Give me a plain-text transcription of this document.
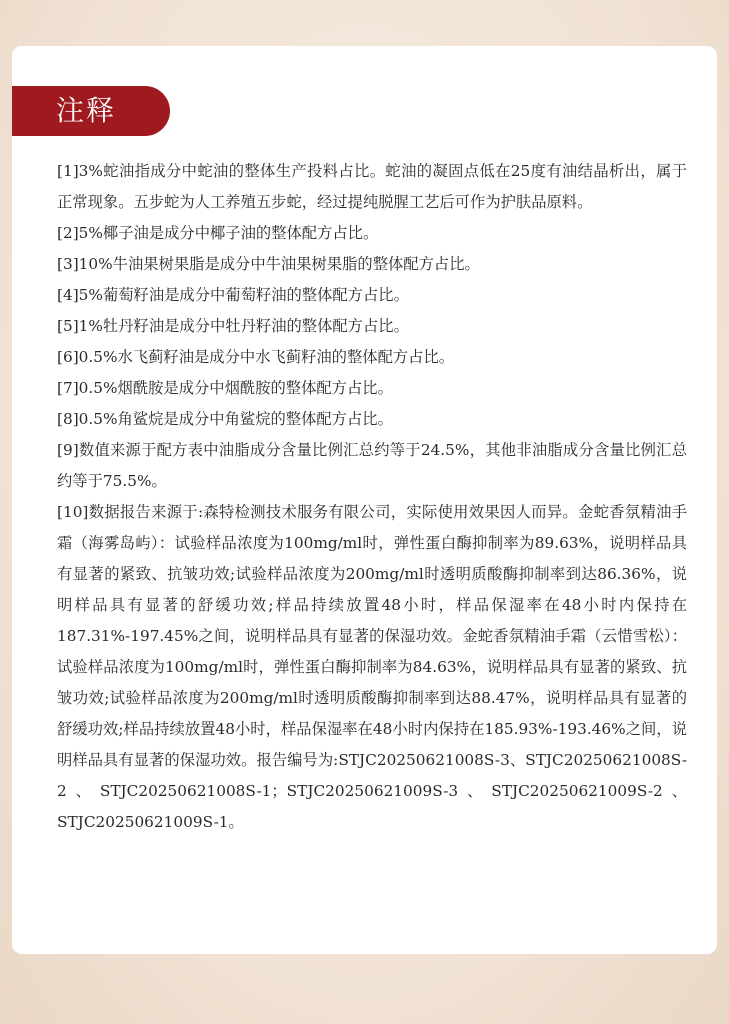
注释

[1]3%蛇油指成分中蛇油的整体生产投料占比。蛇油的凝固点低在25度有油结晶析出，属于正常现象。五步蛇为人工养殖五步蛇，经过提纯脱腥工艺后可作为护肤品原料。

[2]5%椰子油是成分中椰子油的整体配方占比。

[3]10%牛油果树果脂是成分中牛油果树果脂的整体配方占比。

[4]5%葡萄籽油是成分中葡萄籽油的整体配方占比。

[5]1%牡丹籽油是成分中牡丹籽油的整体配方占比。

[6]0.5%水飞蓟籽油是成分中水飞蓟籽油的整体配方占比。

[7]0.5%烟酰胺是成分中烟酰胺的整体配方占比。

[8]0.5%角鲨烷是成分中角鲨烷的整体配方占比。

[9]数值来源于配方表中油脂成分含量比例汇总约等于24.5%，其他非油脂成分含量比例汇总约等于75.5%。

[10]数据报告来源于:森特检测技术服务有限公司，实际使用效果因人而异。金蛇香氛精油手霜（海雾岛屿）：试验样品浓度为100mg/ml时，弹性蛋白酶抑制率为89.63%，说明样品具有显著的紧致、抗皱功效;试验样品浓度为200mg/ml时透明质酸酶抑制率到达86.36%，说明样品具有显著的舒缓功效;样品持续放置48小时，样品保湿率在48小时内保持在187.31%-197.45%之间，说明样品具有显著的保湿功效。金蛇香氛精油手霜（云惜雪松）：试验样品浓度为100mg/ml时，弹性蛋白酶抑制率为84.63%，说明样品具有显著的紧致、抗皱功效;试验样品浓度为200mg/ml时透明质酸酶抑制率到达88.47%，说明样品具有显著的舒缓功效;样品持续放置48小时，样品保湿率在48小时内保持在185.93%-193.46%之间，说明样品具有显著的保湿功效。报告编号为:STJC20250621008S-3、STJC20250621008S-2、STJC20250621008S-1；STJC20250621009S-3、STJC20250621009S-2、STJC20250621009S-1。
